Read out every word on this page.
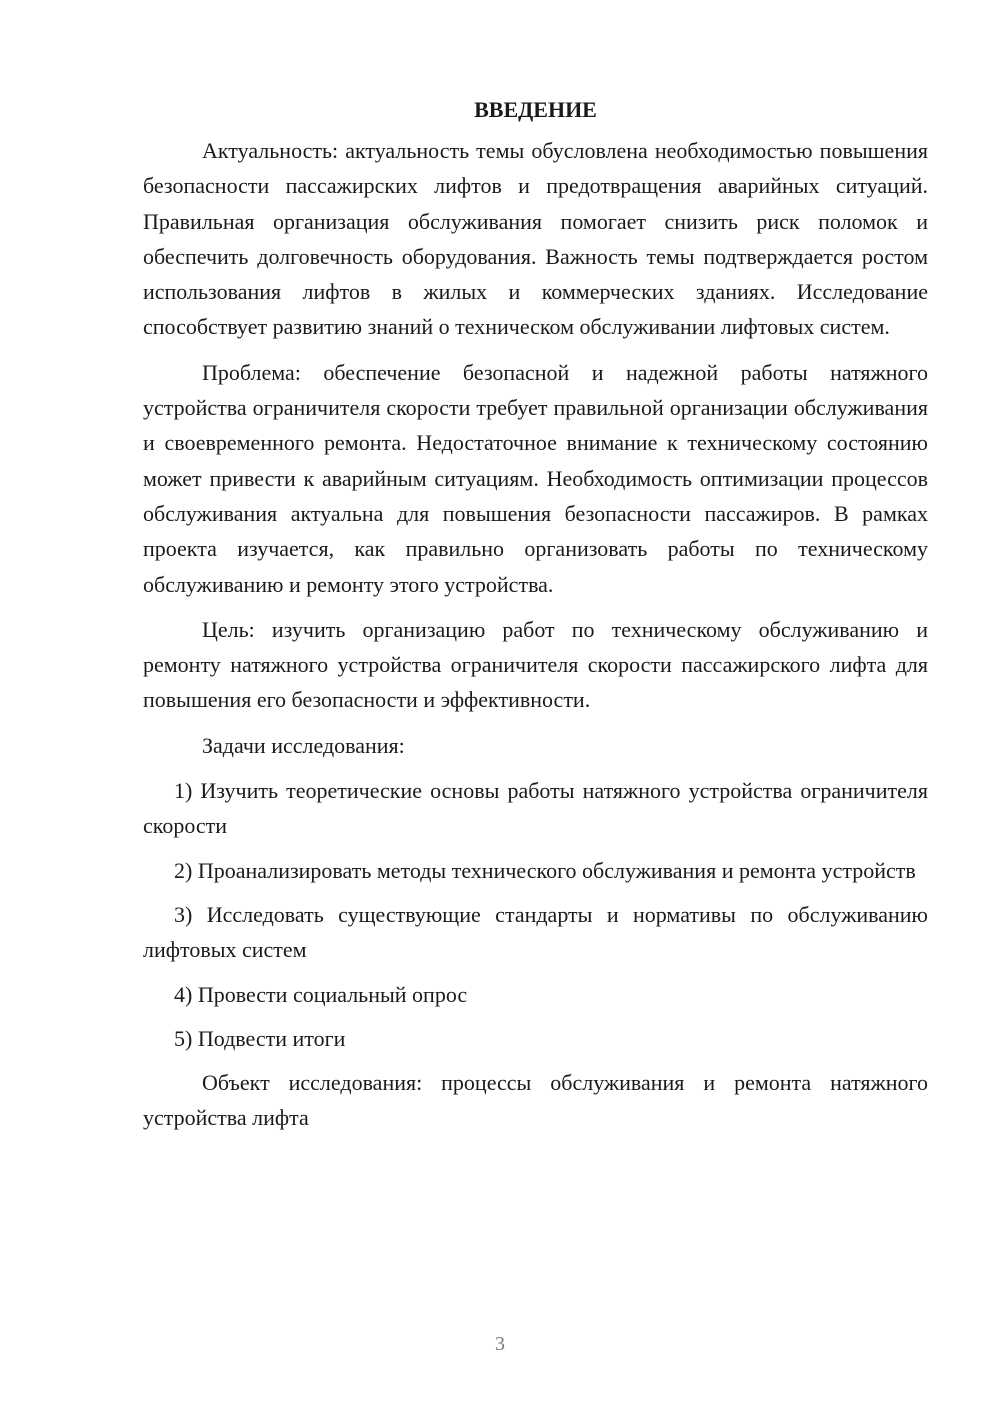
ВВЕДЕНИЕ

Актуальность: актуальность темы обусловлена необходимостью повышения безопасности пассажирских лифтов и предотвращения аварийных ситуаций. Правильная организация обслуживания помогает снизить риск поломок и обеспечить долговечность оборудования. Важность темы подтверждается ростом использования лифтов в жилых и коммерческих зданиях. Исследование способствует развитию знаний о техническом обслуживании лифтовых систем.

Проблема: обеспечение безопасной и надежной работы натяжного устройства ограничителя скорости требует правильной организации обслуживания и своевременного ремонта. Недостаточное внимание к техническому состоянию может привести к аварийным ситуациям. Необходимость оптимизации процессов обслуживания актуальна для повышения безопасности пассажиров. В рамках проекта изучается, как правильно организовать работы по техническому обслуживанию и ремонту этого устройства.

Цель: изучить организацию работ по техническому обслуживанию и ремонту натяжного устройства ограничителя скорости пассажирского лифта для повышения его безопасности и эффективности.

Задачи исследования:

1) Изучить теоретические основы работы натяжного устройства ограничителя скорости

2) Проанализировать методы технического обслуживания и ремонта устройств

3) Исследовать существующие стандарты и нормативы по обслуживанию лифтовых систем

4) Провести социальный опрос

5) Подвести итоги

Объект исследования: процессы обслуживания и ремонта натяжного устройства лифта

3
